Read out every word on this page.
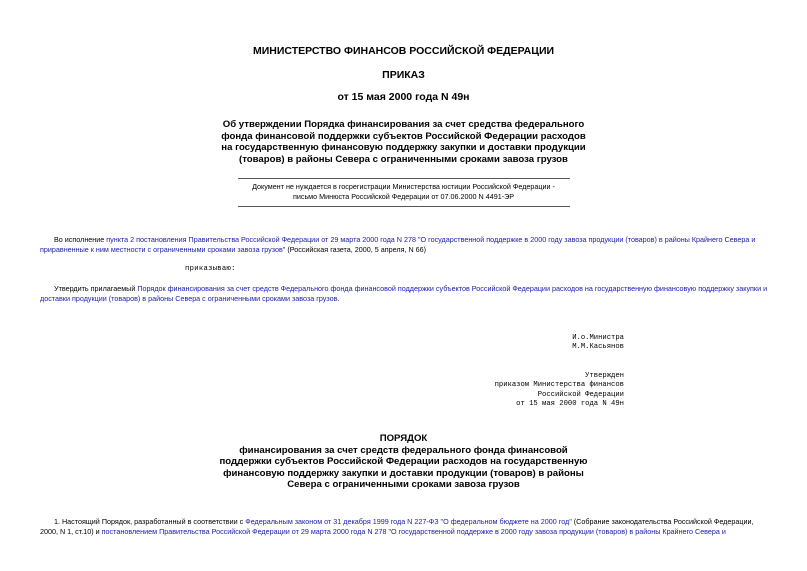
МИНИСТЕРСТВО ФИНАНСОВ РОССИЙСКОЙ ФЕДЕРАЦИИ
ПРИКАЗ
от 15 мая 2000 года N 49н
Об утверждении Порядка финансирования за счет средства федерального
фонда финансовой поддержки субъектов Российской Федерации расходов
на государственную финансовую поддержку закупки и доставки продукции
(товаров) в районы Севера с ограниченными сроками завоза грузов
Документ не нуждается в госрегистрации Министерства юстиции Российской Федерации -
письмо Минюста Российской Федерации от 07.06.2000 N 4491-ЭР
Во исполнение пункта 2 постановления Правительства Российской Федерации от 29 марта 2000 года N 278 "О государственной поддержке в 2000 году завоза продукции (товаров) в районы Крайнего Севера и приравненные к ним местности с ограниченными сроками завоза грузов" (Российская газета, 2000, 5 апреля, N 66)
приказываю:
Утвердить прилагаемый Порядок финансирования за счет средств Федерального фонда финансовой поддержки субъектов Российской Федерации расходов на государственную финансовую поддержку закупки и доставки продукции (товаров) в районы Севера с ограниченными сроками завоза грузов.
И.о.Министра
М.М.Касьянов
Утвержден
приказом Министерства финансов
Российской Федерации
от 15 мая 2000 года N 49н
ПОРЯДОК
финансирования за счет средств федерального фонда финансовой
поддержки субъектов Российской Федерации расходов на государственную
финансовую поддержку закупки и доставки продукции (товаров) в районы
Севера с ограниченными сроками завоза грузов
1. Настоящий Порядок, разработанный в соответствии с Федеральным законом от 31 декабря 1999 года N 227-ФЗ "О федеральном бюджете на 2000 год" (Собрание законодательства Российской Федерации, 2000, N 1, ст.10) и постановлением Правительства Российской Федерации от 29 марта 2000 года N 278 "О государственной поддержке в 2000 году завоза продукции (товаров) в районы Крайнего Севера и
